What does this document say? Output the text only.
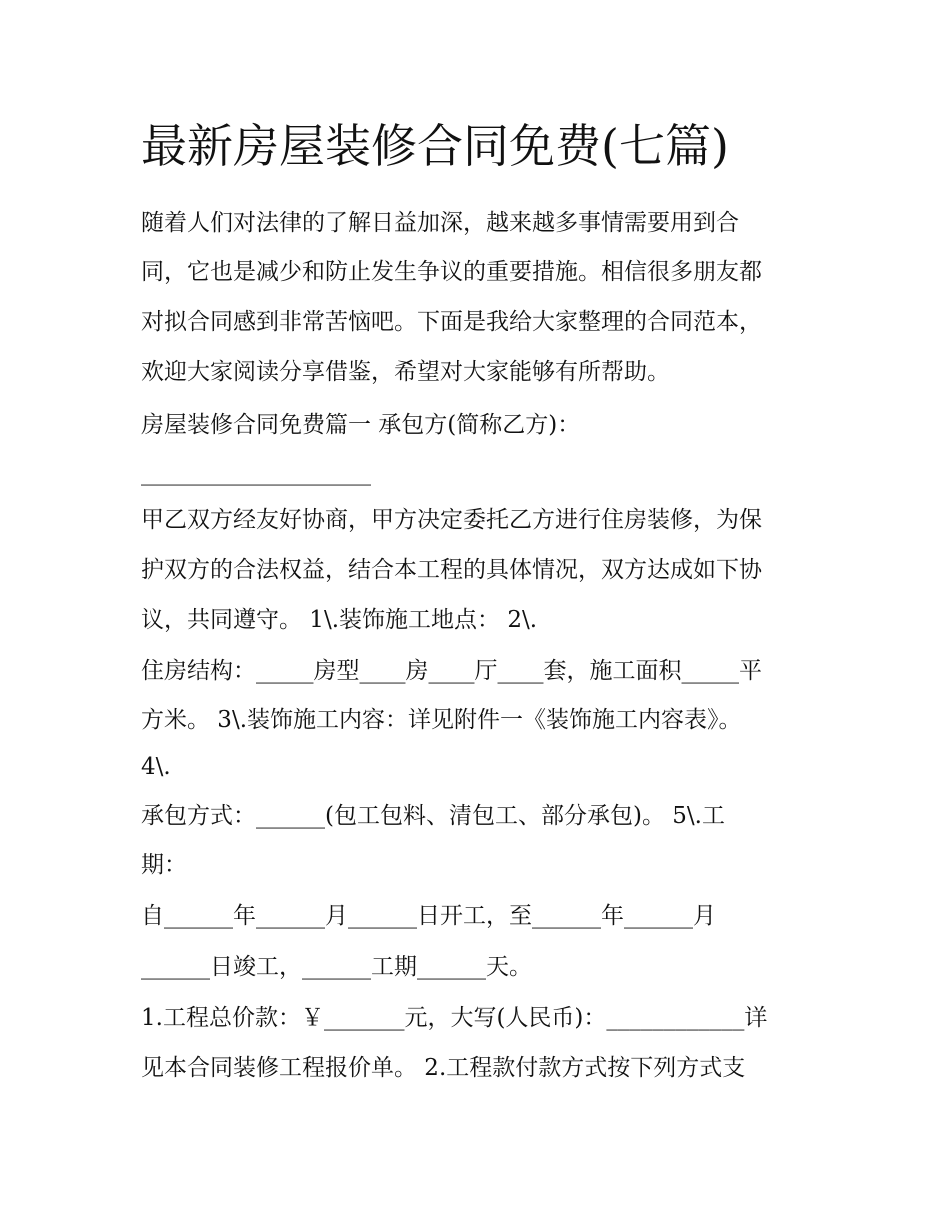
最新房屋装修合同免费(七篇)

随着人们对法律的了解日益加深，越来越多事情需要用到合

同，它也是减少和防止发生争议的重要措施。相信很多朋友都

对拟合同感到非常苦恼吧。下面是我给大家整理的合同范本，

欢迎大家阅读分享借鉴，希望对大家能够有所帮助。

房屋装修合同免费篇一 承包方(简称乙方)：

____________________

甲乙双方经友好协商，甲方决定委托乙方进行住房装修，为保

护双方的合法权益，结合本工程的具体情况，双方达成如下协

议，共同遵守。 1\.装饰施工地点： 2\.

住房结构：_____房型____房____厅____套，施工面积_____平

方米。 3\.装饰施工内容：详见附件一《装饰施工内容表》。

4\.

承包方式：______(包工包料、清包工、部分承包)。 5\.工

期：

自______年______月______日开工，至______年______月

______日竣工，______工期______天。

1.工程总价款：￥_______元，大写(人民币)：____________详

见本合同装修工程报价单。 2.工程款付款方式按下列方式支
